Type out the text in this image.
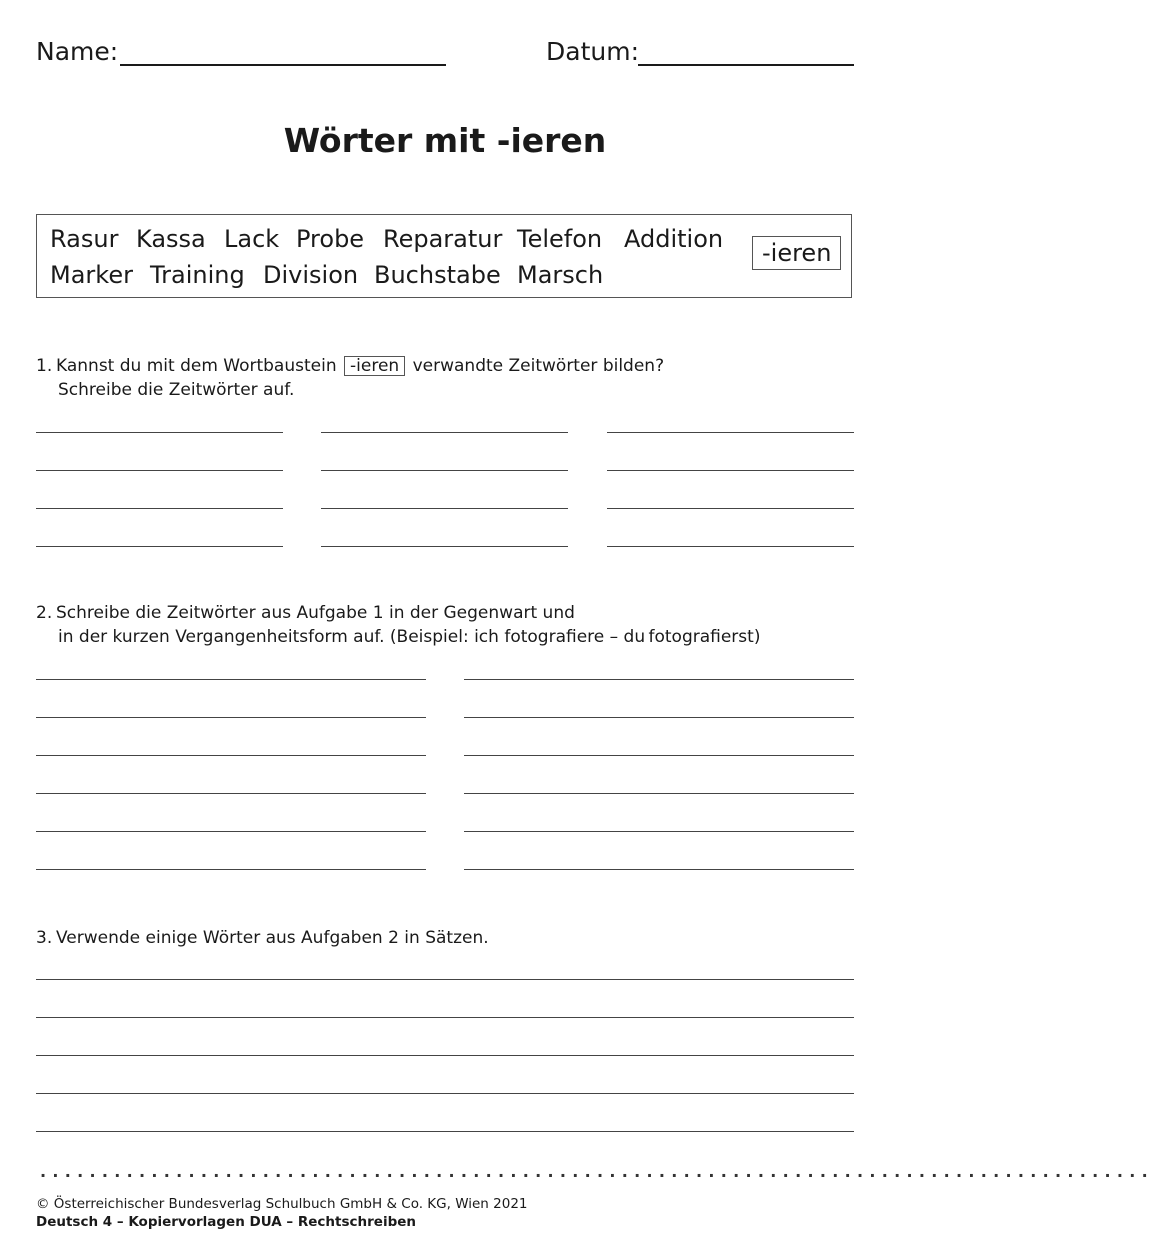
Name:	Datum:
Wörter mit -ieren
Rasur Kassa Lack Probe Reparatur Telefon Addition
Marker Training Division Buchstabe Marsch
-ieren
1. Kannst du mit dem Wortbaustein -ieren verwandte Zeitwörter bilden?
Schreibe die Zeitwörter auf.
2. Schreibe die Zeitwörter aus Aufgabe 1 in der Gegenwart und
in der kurzen Vergangenheitsform auf. (Beispiel: ich fotografiere – du fotografierst)
3. Verwende einige Wörter aus Aufgaben 2 in Sätzen.
··························································································
© Österreichischer Bundesverlag Schulbuch GmbH & Co. KG, Wien 2021
Deutsch 4 – Kopiervorlagen DUA – Rechtschreiben
